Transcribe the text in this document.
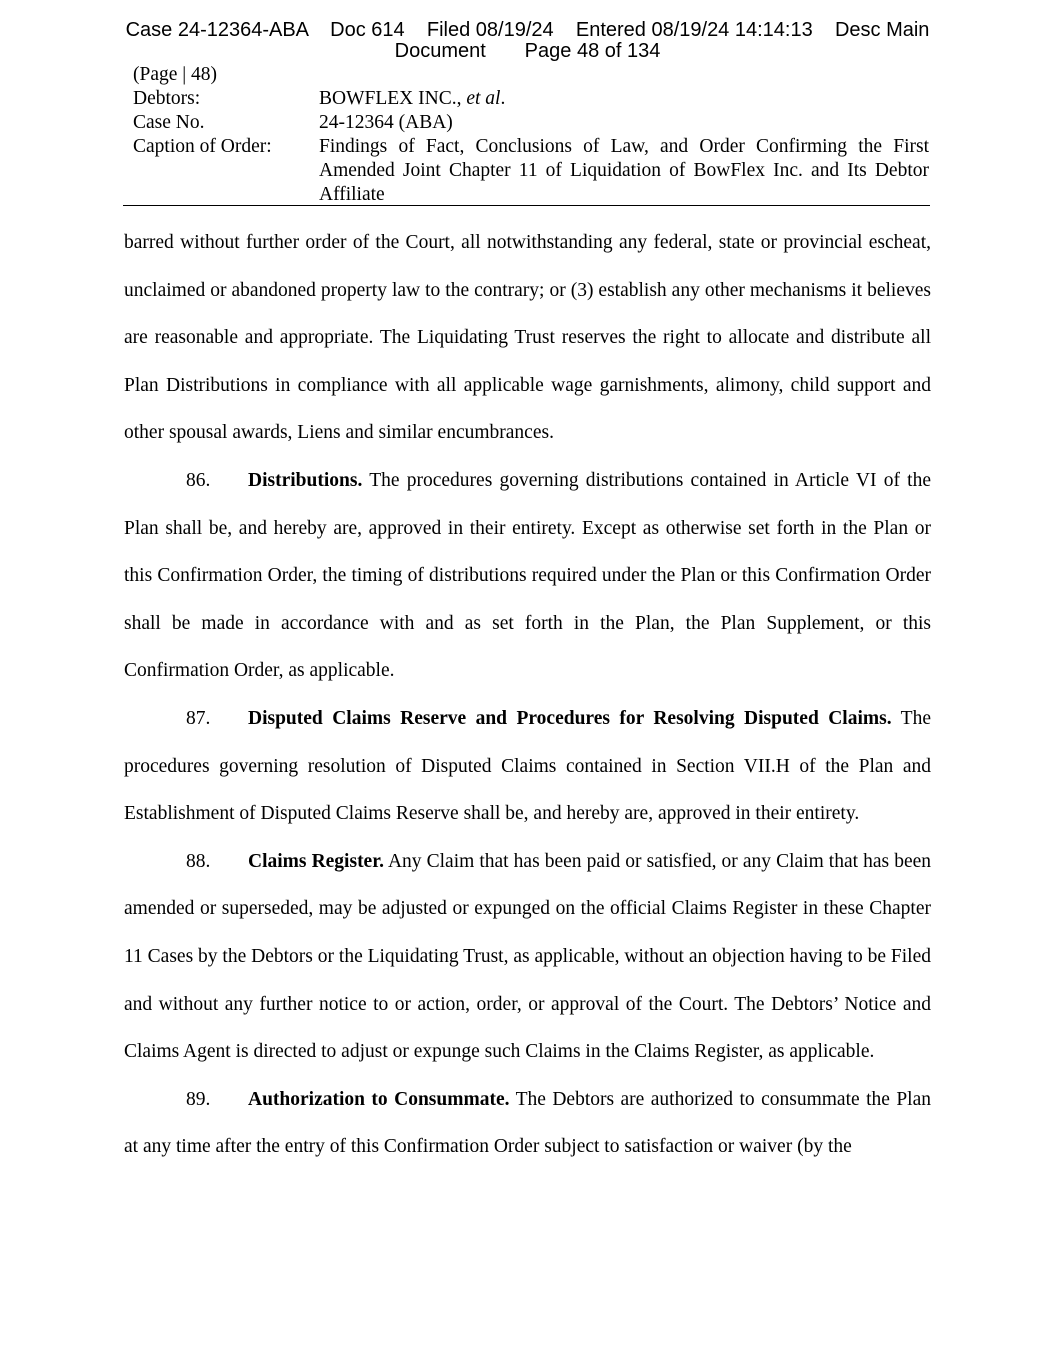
Case 24-12364-ABA    Doc 614    Filed 08/19/24    Entered 08/19/24 14:14:13    Desc Main
Document       Page 48 of 134
(Page | 48)
Debtors:	BOWFLEX INC., et al.
Case No.	24-12364 (ABA)
Caption of Order:	Findings of Fact, Conclusions of Law, and Order Confirming the First
Amended Joint Chapter 11 of Liquidation of BowFlex Inc. and Its Debtor
Affiliate

barred without further order of the Court, all notwithstanding any federal, state or provincial escheat, unclaimed or abandoned property law to the contrary; or (3) establish any other mechanisms it believes are reasonable and appropriate. The Liquidating Trust reserves the right to allocate and distribute all Plan Distributions in compliance with all applicable wage garnishments, alimony, child support and other spousal awards, Liens and similar encumbrances.

86. Distributions. The procedures governing distributions contained in Article VI of the Plan shall be, and hereby are, approved in their entirety. Except as otherwise set forth in the Plan or this Confirmation Order, the timing of distributions required under the Plan or this Confirmation Order shall be made in accordance with and as set forth in the Plan, the Plan Supplement, or this Confirmation Order, as applicable.

87. Disputed Claims Reserve and Procedures for Resolving Disputed Claims. The procedures governing resolution of Disputed Claims contained in Section VII.H of the Plan and Establishment of Disputed Claims Reserve shall be, and hereby are, approved in their entirety.

88. Claims Register. Any Claim that has been paid or satisfied, or any Claim that has been amended or superseded, may be adjusted or expunged on the official Claims Register in these Chapter 11 Cases by the Debtors or the Liquidating Trust, as applicable, without an objection having to be Filed and without any further notice to or action, order, or approval of the Court. The Debtors’ Notice and Claims Agent is directed to adjust or expunge such Claims in the Claims Register, as applicable.

89. Authorization to Consummate. The Debtors are authorized to consummate the Plan at any time after the entry of this Confirmation Order subject to satisfaction or waiver (by the
